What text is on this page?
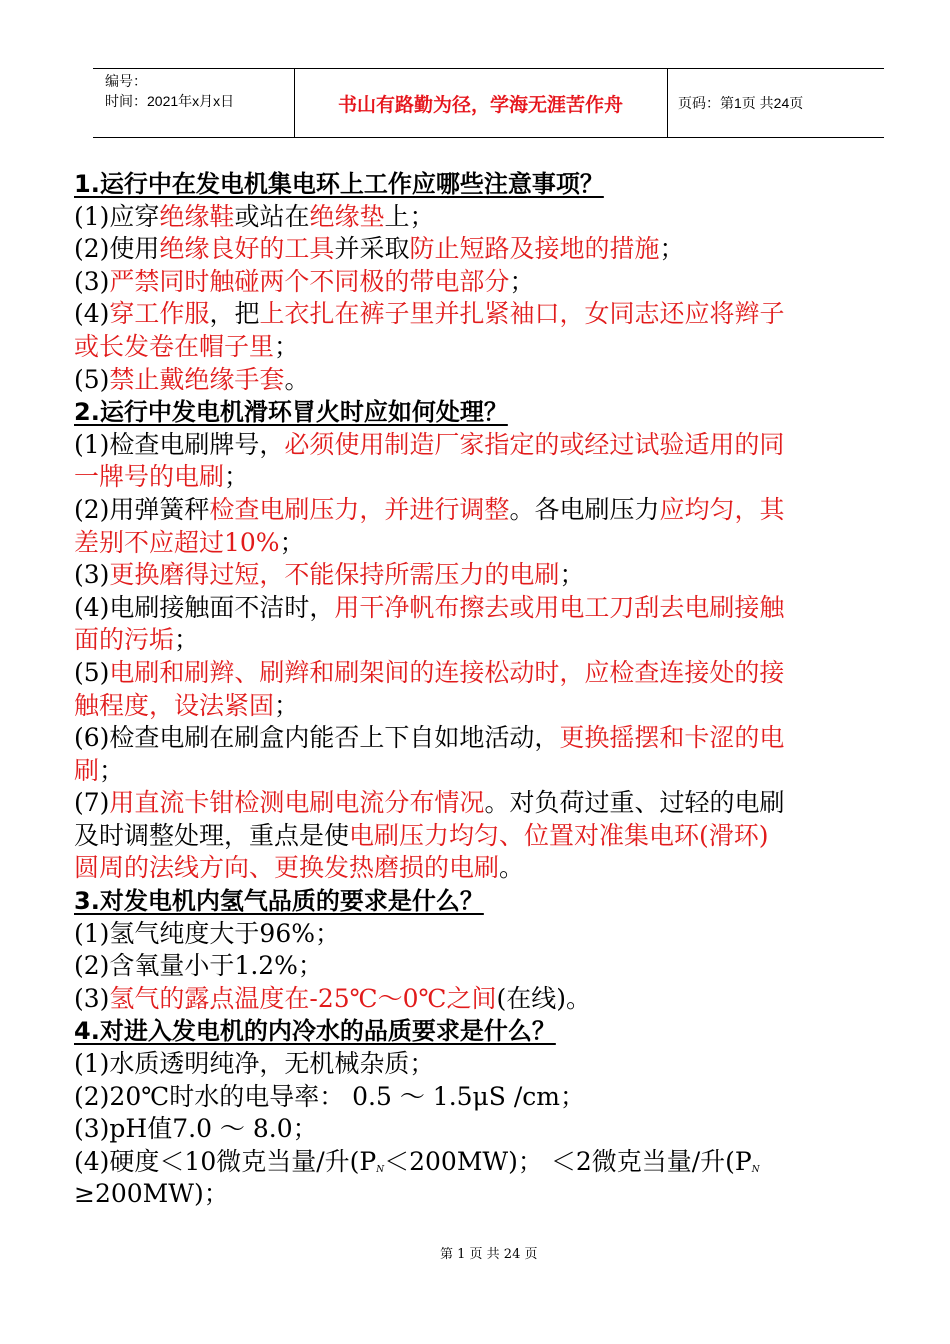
编号：
时间：2021年x月x日	书山有路勤为径，学海无涯苦作舟	页码：第1页 共24页
1.运行中在发电机集电环上工作应哪些注意事项？
(1)应穿绝缘鞋或站在绝缘垫上；
(2)使用绝缘良好的工具并采取防止短路及接地的措施；
(3)严禁同时触碰两个不同极的带电部分；
(4)穿工作服，把上衣扎在裤子里并扎紧袖口，女同志还应将辫子
或长发卷在帽子里；
(5)禁止戴绝缘手套。
2.运行中发电机滑环冒火时应如何处理？
(1)检查电刷牌号，必须使用制造厂家指定的或经过试验适用的同
一牌号的电刷；
(2)用弹簧秤检查电刷压力，并进行调整。各电刷压力应均匀，其
差别不应超过10%；
(3)更换磨得过短，不能保持所需压力的电刷；
(4)电刷接触面不洁时，用干净帆布擦去或用电工刀刮去电刷接触
面的污垢；
(5)电刷和刷辫、刷辫和刷架间的连接松动时，应检查连接处的接
触程度，设法紧固；
(6)检查电刷在刷盒内能否上下自如地活动，更换摇摆和卡涩的电
刷；
(7)用直流卡钳检测电刷电流分布情况。对负荷过重、过轻的电刷
及时调整处理，重点是使电刷压力均匀、位置对准集电环(滑环)
圆周的法线方向、更换发热磨损的电刷。
3.对发电机内氢气品质的要求是什么？
(1)氢气纯度大于96%；
(2)含氧量小于1.2%；
(3)氢气的露点温度在-25℃～0℃之间(在线)。
4.对进入发电机的内冷水的品质要求是什么？
(1)水质透明纯净，无机械杂质；
(2)20℃时水的电导率： 0.5 ～ 1.5μS /cm；
(3)pH值7.0 ～ 8.0；
(4)硬度＜10微克当量/升(PN＜200MW)； ＜2微克当量/升(PN
≥200MW)；
第 1 页 共 24 页
